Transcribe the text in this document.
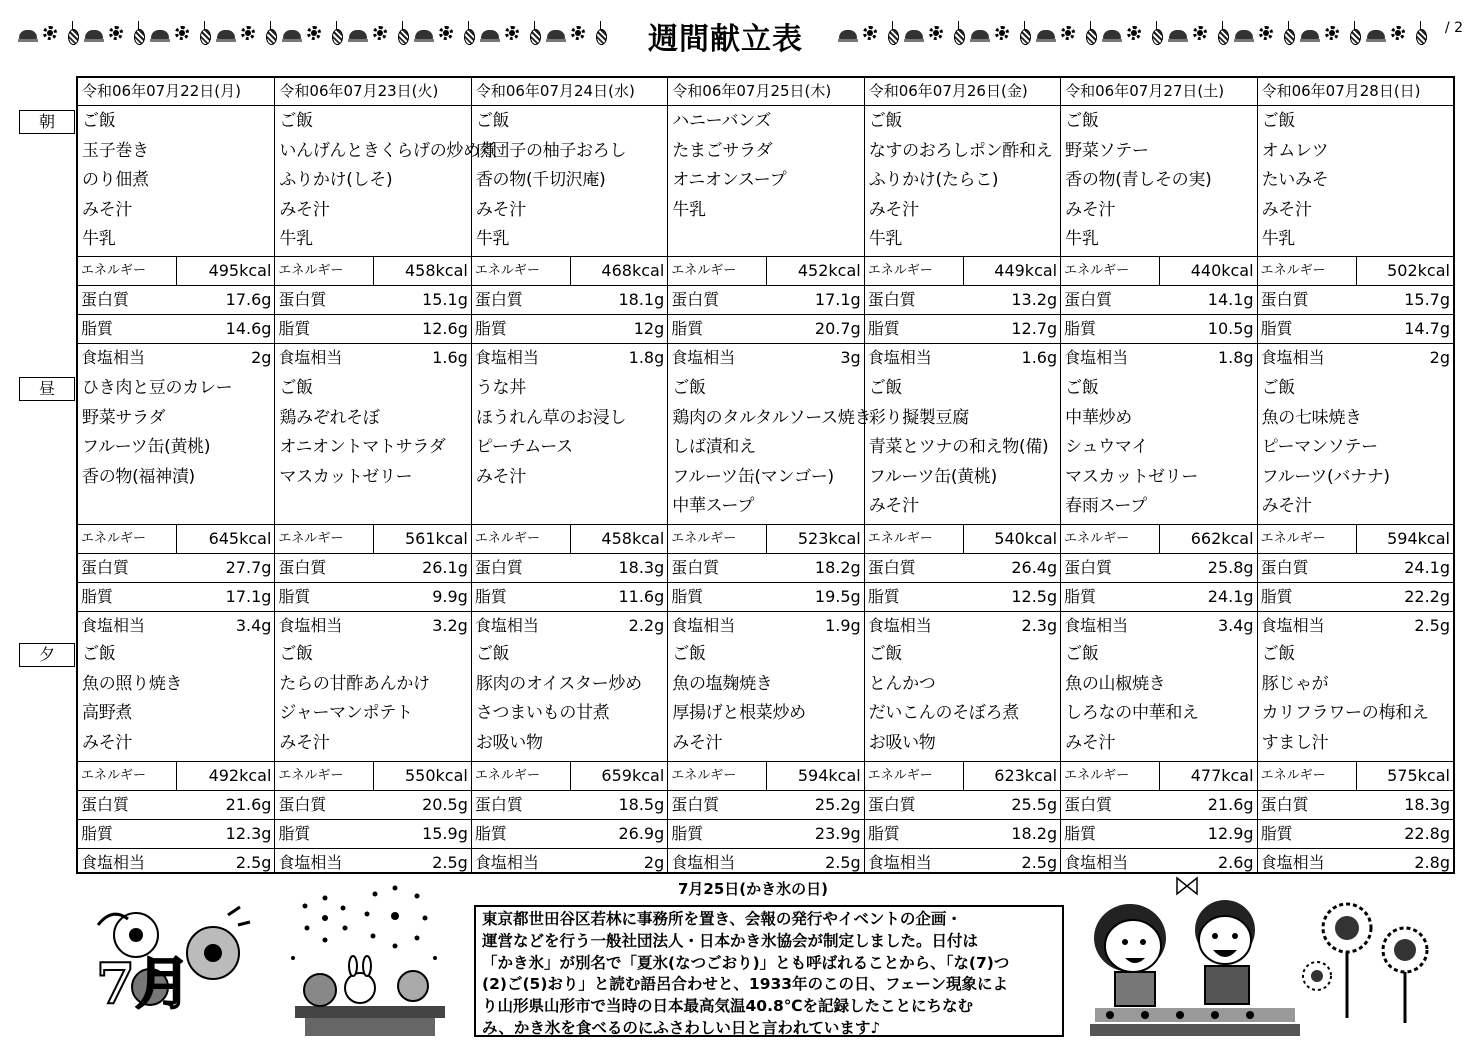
週間献立表	/ 2
朝
昼
夕
令和06年07月22日(月)
ご飯
玉子巻き
のり佃煮
みそ汁
牛乳
エネルギー	495kcal
蛋白質	17.6g
脂質	14.6g
食塩相当	2g
ひき肉と豆のカレー
野菜サラダ
フルーツ缶(黄桃)
香の物(福神漬)
エネルギー	645kcal
蛋白質	27.7g
脂質	17.1g
食塩相当	3.4g
ご飯
魚の照り焼き
高野煮
みそ汁
エネルギー	492kcal
蛋白質	21.6g
脂質	12.3g
食塩相当	2.5g
令和06年07月23日(火)
ご飯
いんげんときくらげの炒め煮
ふりかけ(しそ)
みそ汁
牛乳
エネルギー	458kcal
蛋白質	15.1g
脂質	12.6g
食塩相当	1.6g
ご飯
鶏みぞれそぼ
オニオントマトサラダ
マスカットゼリー
エネルギー	561kcal
蛋白質	26.1g
脂質	9.9g
食塩相当	3.2g
ご飯
たらの甘酢あんかけ
ジャーマンポテト
みそ汁
エネルギー	550kcal
蛋白質	20.5g
脂質	15.9g
食塩相当	2.5g
令和06年07月24日(水)
ご飯
肉団子の柚子おろし
香の物(千切沢庵)
みそ汁
牛乳
エネルギー	468kcal
蛋白質	18.1g
脂質	12g
食塩相当	1.8g
うな丼
ほうれん草のお浸し
ピーチムース
みそ汁
エネルギー	458kcal
蛋白質	18.3g
脂質	11.6g
食塩相当	2.2g
ご飯
豚肉のオイスター炒め
さつまいもの甘煮
お吸い物
エネルギー	659kcal
蛋白質	18.5g
脂質	26.9g
食塩相当	2g
令和06年07月25日(木)
ハニーバンズ
たまごサラダ
オニオンスープ
牛乳
エネルギー	452kcal
蛋白質	17.1g
脂質	20.7g
食塩相当	3g
ご飯
鶏肉のタルタルソース焼き
しば漬和え
フルーツ缶(マンゴー)
中華スープ
エネルギー	523kcal
蛋白質	18.2g
脂質	19.5g
食塩相当	1.9g
ご飯
魚の塩麹焼き
厚揚げと根菜炒め
みそ汁
エネルギー	594kcal
蛋白質	25.2g
脂質	23.9g
食塩相当	2.5g
令和06年07月26日(金)
ご飯
なすのおろしポン酢和え
ふりかけ(たらこ)
みそ汁
牛乳
エネルギー	449kcal
蛋白質	13.2g
脂質	12.7g
食塩相当	1.6g
ご飯
彩り擬製豆腐
青菜とツナの和え物(備)
フルーツ缶(黄桃)
みそ汁
エネルギー	540kcal
蛋白質	26.4g
脂質	12.5g
食塩相当	2.3g
ご飯
とんかつ
だいこんのそぼろ煮
お吸い物
エネルギー	623kcal
蛋白質	25.5g
脂質	18.2g
食塩相当	2.5g
令和06年07月27日(土)
ご飯
野菜ソテー
香の物(青しその実)
みそ汁
牛乳
エネルギー	440kcal
蛋白質	14.1g
脂質	10.5g
食塩相当	1.8g
ご飯
中華炒め
シュウマイ
マスカットゼリー
春雨スープ
エネルギー	662kcal
蛋白質	25.8g
脂質	24.1g
食塩相当	3.4g
ご飯
魚の山椒焼き
しろなの中華和え
みそ汁
エネルギー	477kcal
蛋白質	21.6g
脂質	12.9g
食塩相当	2.6g
令和06年07月28日(日)
ご飯
オムレツ
たいみそ
みそ汁
牛乳
エネルギー	502kcal
蛋白質	15.7g
脂質	14.7g
食塩相当	2g
ご飯
魚の七味焼き
ピーマンソテー
フルーツ(バナナ)
みそ汁
エネルギー	594kcal
蛋白質	24.1g
脂質	22.2g
食塩相当	2.5g
ご飯
豚じゃが
カリフラワーの梅和え
すまし汁
エネルギー	575kcal
蛋白質	18.3g
脂質	22.8g
食塩相当	2.8g
7月25日(かき氷の日)
東京都世田谷区若林に事務所を置き、会報の発行やイベントの企画・
運営などを行う一般社団法人・日本かき氷協会が制定しました。日付は
「かき氷」が別名で「夏氷(なつごおり)」とも呼ばれることから、「な(7)つ
(2)ご(5)おり」と読む語呂合わせと、1933年のこの日、フェーン現象によ
り山形県山形市で当時の日本最高気温40.8℃を記録したことにちなむ
み、かき氷を食べるのにふさわしい日と言われています♪
7月
